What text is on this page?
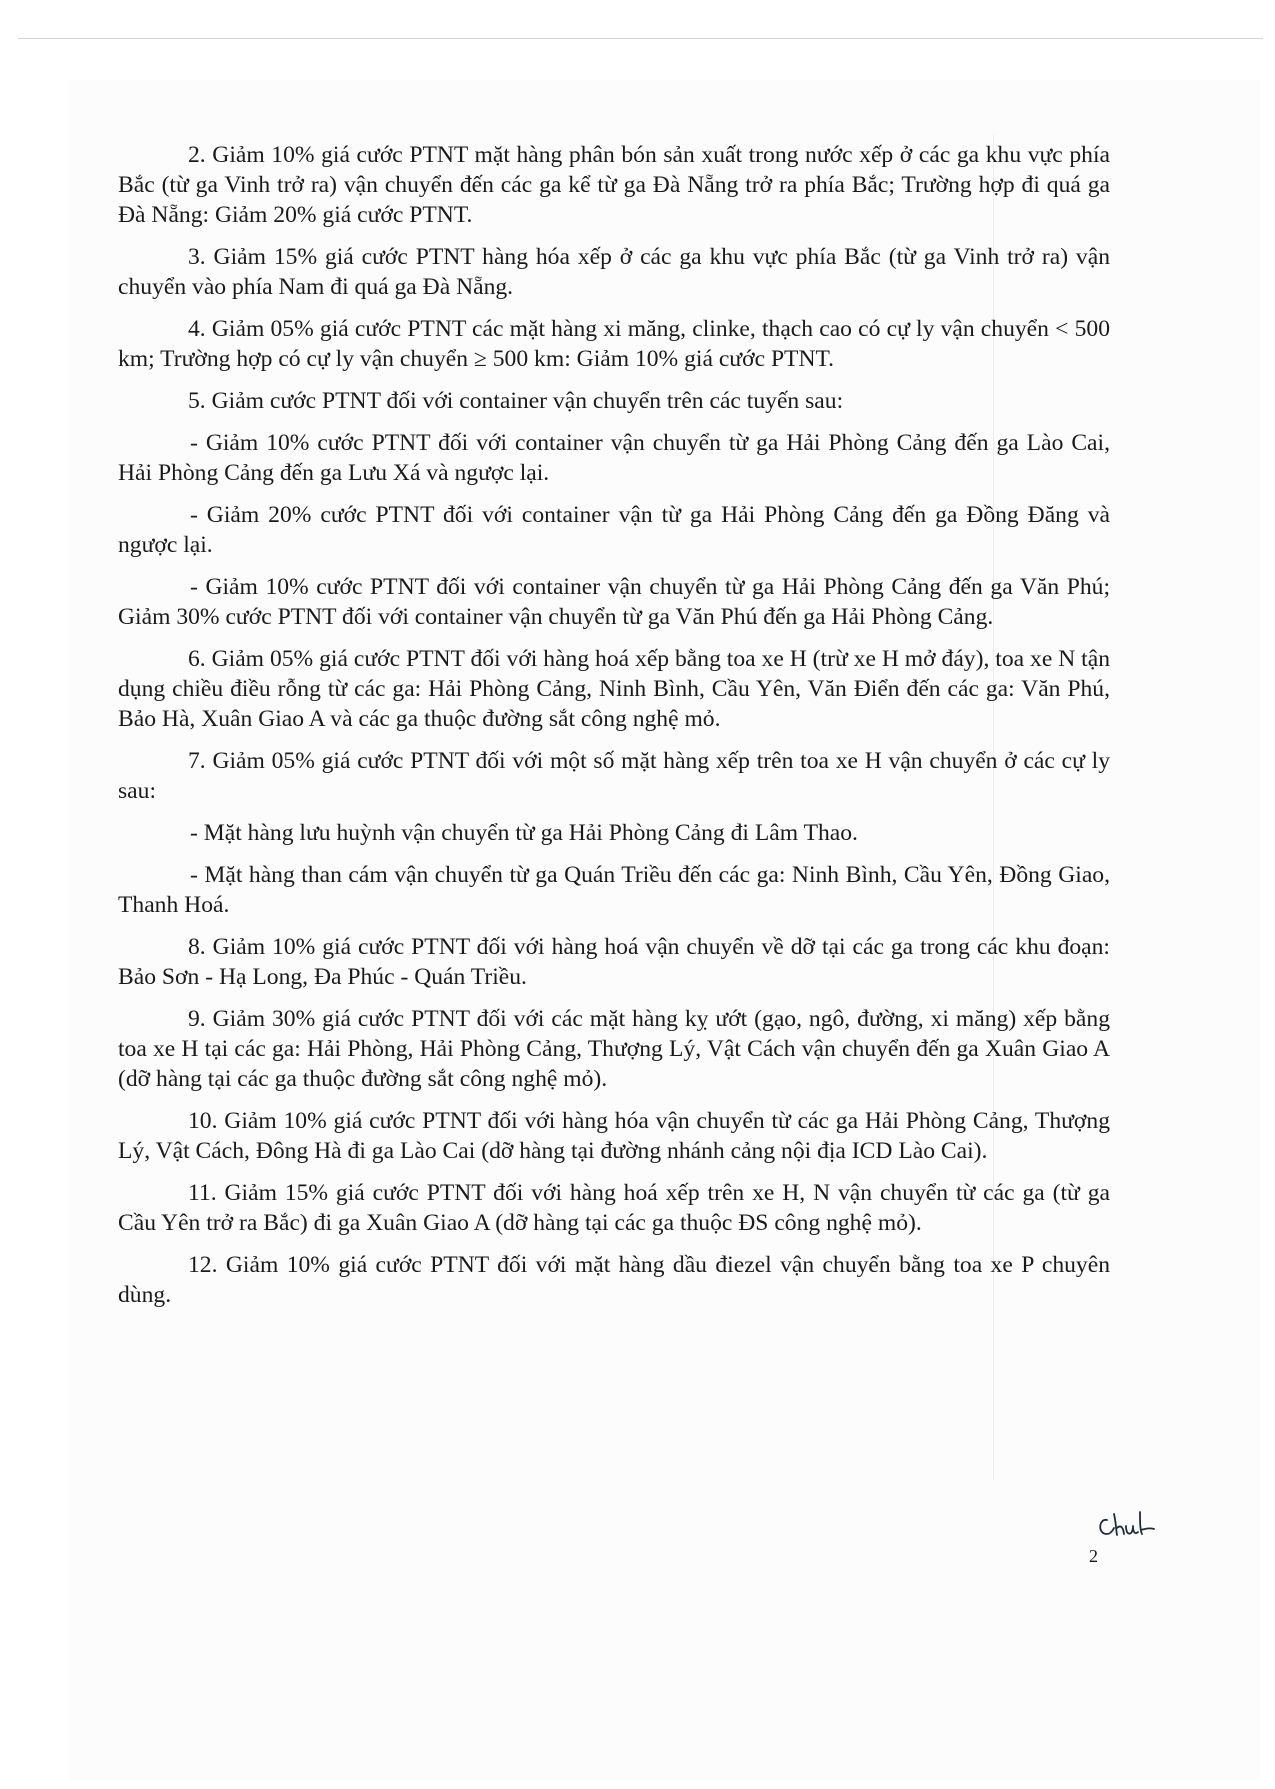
2. Giảm 10% giá cước PTNT mặt hàng phân bón sản xuất trong nước xếp ở các ga khu vực phía Bắc (từ ga Vinh trở ra) vận chuyển đến các ga kể từ ga Đà Nẵng trở ra phía Bắc; Trường hợp đi quá ga Đà Nẵng: Giảm 20% giá cước PTNT.

3. Giảm 15% giá cước PTNT hàng hóa xếp ở các ga khu vực phía Bắc (từ ga Vinh trở ra) vận chuyển vào phía Nam đi quá ga Đà Nẵng.

4. Giảm 05% giá cước PTNT các mặt hàng xi măng, clinke, thạch cao có cự ly vận chuyển < 500 km; Trường hợp có cự ly vận chuyển ≥ 500 km: Giảm 10% giá cước PTNT.

5. Giảm cước PTNT đối với container vận chuyển trên các tuyến sau:

- Giảm 10% cước PTNT đối với container vận chuyển từ ga Hải Phòng Cảng đến ga Lào Cai, Hải Phòng Cảng đến ga Lưu Xá và ngược lại.

- Giảm 20% cước PTNT đối với container vận từ ga Hải Phòng Cảng đến ga Đồng Đăng và ngược lại.

- Giảm 10% cước PTNT đối với container vận chuyển từ ga Hải Phòng Cảng đến ga Văn Phú; Giảm 30% cước PTNT đối với container vận chuyển từ ga Văn Phú đến ga Hải Phòng Cảng.

6. Giảm 05% giá cước PTNT đối với hàng hoá xếp bằng toa xe H (trừ xe H mở đáy), toa xe N tận dụng chiều điều rỗng từ các ga: Hải Phòng Cảng, Ninh Bình, Cầu Yên, Văn Điển đến các ga: Văn Phú, Bảo Hà, Xuân Giao A và các ga thuộc đường sắt công nghệ mỏ.

7. Giảm 05% giá cước PTNT đối với một số mặt hàng xếp trên toa xe H vận chuyển ở các cự ly sau:

- Mặt hàng lưu huỳnh vận chuyển từ ga Hải Phòng Cảng đi Lâm Thao.

- Mặt hàng than cám vận chuyển từ ga Quán Triều đến các ga: Ninh Bình, Cầu Yên, Đồng Giao, Thanh Hoá.

8. Giảm 10% giá cước PTNT đối với hàng hoá vận chuyển về dỡ tại các ga trong các khu đoạn: Bảo Sơn - Hạ Long, Đa Phúc - Quán Triều.

9. Giảm 30% giá cước PTNT đối với các mặt hàng kỵ ướt (gạo, ngô, đường, xi măng) xếp bằng toa xe H tại các ga: Hải Phòng, Hải Phòng Cảng, Thượng Lý, Vật Cách vận chuyển đến ga Xuân Giao A (dỡ hàng tại các ga thuộc đường sắt công nghệ mỏ).

10. Giảm 10% giá cước PTNT đối với hàng hóa vận chuyển từ các ga Hải Phòng Cảng, Thượng Lý, Vật Cách, Đông Hà đi ga Lào Cai (dỡ hàng tại đường nhánh cảng nội địa ICD Lào Cai).

11. Giảm 15% giá cước PTNT đối với hàng hoá xếp trên xe H, N vận chuyển từ các ga (từ ga Cầu Yên trở ra Bắc) đi ga Xuân Giao A (dỡ hàng tại các ga thuộc ĐS công nghệ mỏ).

12. Giảm 10% giá cước PTNT đối với mặt hàng dầu điezel vận chuyển bằng toa xe P chuyên dùng.

2
